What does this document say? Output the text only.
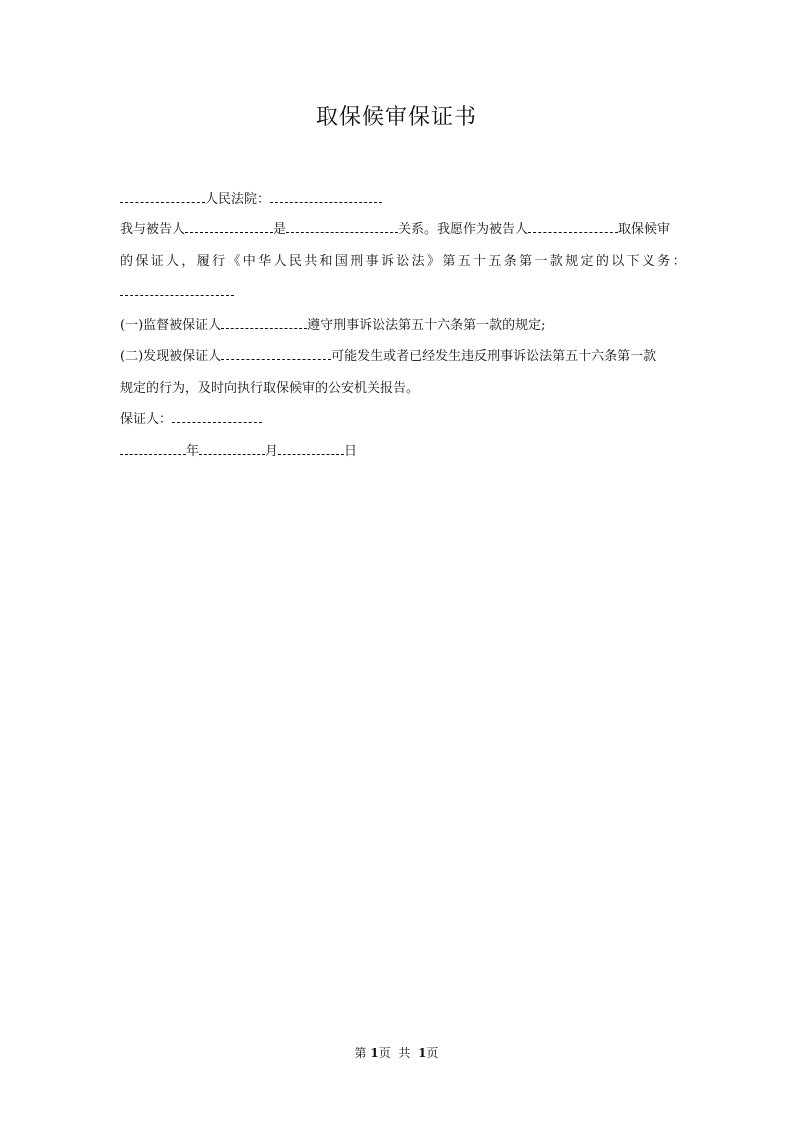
取保候审保证书
人民法院：
我与被告人	是	关系。我愿作为被告人	取保候审
的保证人，履行《中华人民共和国刑事诉讼法》第五十五条第一款规定的以下义务：
(一)监督被保证人	遵守刑事诉讼法第五十六条第一款的规定;
(二)发现被保证人	可能发生或者已经发生违反刑事诉讼法第五十六条第一款
规定的行为，及时向执行取保候审的公安机关报告。
保证人：
年	月	日
第 1页 共 1页
